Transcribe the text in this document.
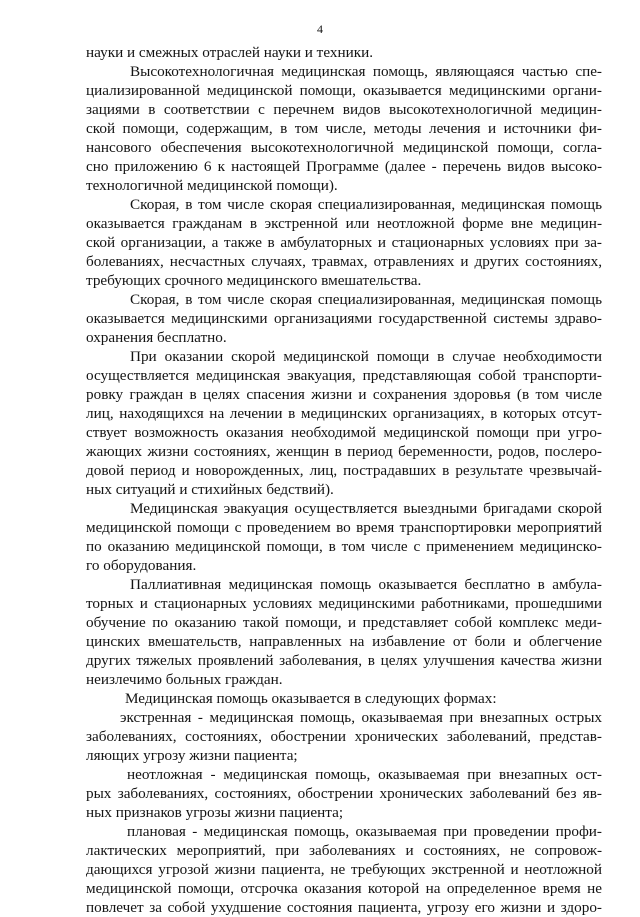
4
науки и смежных отраслей науки и техники.
Высокотехнологичная медицинская помощь, являющаяся частью спе-
циализированной медицинской помощи, оказывается медицинскими органи-
зациями в соответствии с перечнем видов высокотехнологичной медицин-
ской помощи, содержащим, в том числе, методы лечения и источники фи-
нансового обеспечения высокотехнологичной медицинской помощи, согла-
сно приложению 6 к настоящей Программе (далее - перечень видов высоко-
технологичной медицинской помощи).
Скорая, в том числе скорая специализированная, медицинская помощь
оказывается гражданам в экстренной или неотложной форме вне медицин-
ской организации, а также в амбулаторных и стационарных условиях при за-
болеваниях, несчастных случаях, травмах, отравлениях и других состояниях,
требующих срочного медицинского вмешательства.
Скорая, в том числе скорая специализированная, медицинская помощь
оказывается медицинскими организациями государственной системы здраво-
охранения бесплатно.
При оказании скорой медицинской помощи в случае необходимости
осуществляется медицинская эвакуация, представляющая собой транспорти-
ровку граждан в целях спасения жизни и сохранения здоровья (в том числе
лиц, находящихся на лечении в медицинских организациях, в которых отсут-
ствует возможность оказания необходимой медицинской помощи при угро-
жающих жизни состояниях, женщин в период беременности, родов, послеро-
довой период и новорожденных, лиц, пострадавших в результате чрезвычай-
ных ситуаций и стихийных бедствий).
Медицинская эвакуация осуществляется выездными бригадами скорой
медицинской помощи с проведением во время транспортировки мероприятий
по оказанию медицинской помощи, в том числе с применением медицинско-
го оборудования.
Паллиативная медицинская помощь оказывается бесплатно в амбула-
торных и стационарных условиях медицинскими работниками, прошедшими
обучение по оказанию такой помощи, и представляет собой комплекс меди-
цинских вмешательств, направленных на избавление от боли и облегчение
других тяжелых проявлений заболевания, в целях улучшения качества жизни
неизлечимо больных граждан.
Медицинская помощь оказывается в следующих формах:
экстренная - медицинская помощь, оказываемая при внезапных острых
заболеваниях, состояниях, обострении хронических заболеваний, представ-
ляющих угрозу жизни пациента;
неотложная - медицинская помощь, оказываемая при внезапных ост-
рых заболеваниях, состояниях, обострении хронических заболеваний без яв-
ных признаков угрозы жизни пациента;
плановая - медицинская помощь, оказываемая при проведении профи-
лактических мероприятий, при заболеваниях и состояниях, не сопровож-
дающихся угрозой жизни пациента, не требующих экстренной и неотложной
медицинской помощи, отсрочка оказания которой на определенное время не
повлечет за собой ухудшение состояния пациента, угрозу его жизни и здоро-
